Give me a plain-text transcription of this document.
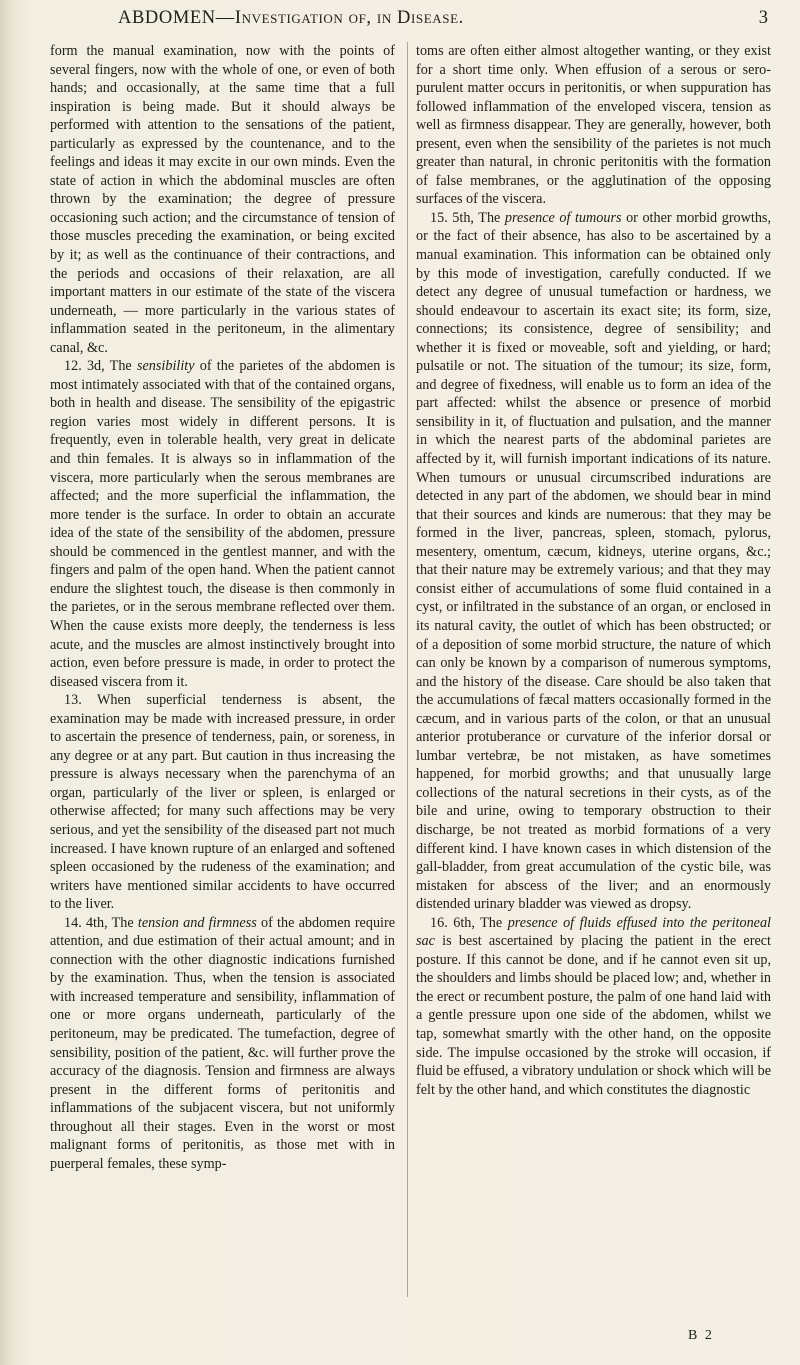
ABDOMEN—Investigation of, in Disease.	3

form the manual examination, now with the points of several fingers, now with the whole of one, or even of both hands; and occasionally, at the same time that a full inspiration is being made. But it should always be performed with attention to the sensations of the patient, particularly as expressed by the countenance, and to the feelings and ideas it may excite in our own minds. Even the state of action in which the abdominal muscles are often thrown by the examination; the degree of pressure occasioning such action; and the circumstance of tension of those muscles preceding the examination, or being excited by it; as well as the continuance of their contractions, and the periods and occasions of their relaxation, are all important matters in our estimate of the state of the viscera underneath, — more particularly in the various states of inflammation seated in the peritoneum, in the alimentary canal, &c.

12. 3d, The sensibility of the parietes of the abdomen is most intimately associated with that of the contained organs, both in health and disease. The sensibility of the epigastric region varies most widely in different persons. It is frequently, even in tolerable health, very great in delicate and thin females. It is always so in inflammation of the viscera, more particularly when the serous membranes are affected; and the more superficial the inflammation, the more tender is the surface. In order to obtain an accurate idea of the state of the sensibility of the abdomen, pressure should be commenced in the gentlest manner, and with the fingers and palm of the open hand. When the patient cannot endure the slightest touch, the disease is then commonly in the parietes, or in the serous membrane reflected over them. When the cause exists more deeply, the tenderness is less acute, and the muscles are almost instinctively brought into action, even before pressure is made, in order to protect the diseased viscera from it.

13. When superficial tenderness is absent, the examination may be made with increased pressure, in order to ascertain the presence of tenderness, pain, or soreness, in any degree or at any part. But caution in thus increasing the pressure is always necessary when the parenchyma of an organ, particularly of the liver or spleen, is enlarged or otherwise affected; for many such affections may be very serious, and yet the sensibility of the diseased part not much increased. I have known rupture of an enlarged and softened spleen occasioned by the rudeness of the examination; and writers have mentioned similar accidents to have occurred to the liver.

14. 4th, The tension and firmness of the abdomen require attention, and due estimation of their actual amount; and in connection with the other diagnostic indications furnished by the examination. Thus, when the tension is associated with increased temperature and sensibility, inflammation of one or more organs underneath, particularly of the peritoneum, may be predicated. The tumefaction, degree of sensibility, position of the patient, &c. will further prove the accuracy of the diagnosis. Tension and firmness are always present in the different forms of peritonitis and inflammations of the subjacent viscera, but not uniformly throughout all their stages. Even in the worst or most malignant forms of peritonitis, as those met with in puerperal females, these symp-

toms are often either almost altogether wanting, or they exist for a short time only. When effusion of a serous or sero-purulent matter occurs in peritonitis, or when suppuration has followed inflammation of the enveloped viscera, tension as well as firmness disappear. They are generally, however, both present, even when the sensibility of the parietes is not much greater than natural, in chronic peritonitis with the formation of false membranes, or the agglutination of the opposing surfaces of the viscera.

15. 5th, The presence of tumours or other morbid growths, or the fact of their absence, has also to be ascertained by a manual examination. This information can be obtained only by this mode of investigation, carefully conducted. If we detect any degree of unusual tumefaction or hardness, we should endeavour to ascertain its exact site; its form, size, connections; its consistence, degree of sensibility; and whether it is fixed or moveable, soft and yielding, or hard; pulsatile or not. The situation of the tumour; its size, form, and degree of fixedness, will enable us to form an idea of the part affected: whilst the absence or presence of morbid sensibility in it, of fluctuation and pulsation, and the manner in which the nearest parts of the abdominal parietes are affected by it, will furnish important indications of its nature. When tumours or unusual circumscribed indurations are detected in any part of the abdomen, we should bear in mind that their sources and kinds are numerous: that they may be formed in the liver, pancreas, spleen, stomach, pylorus, mesentery, omentum, cæcum, kidneys, uterine organs, &c.; that their nature may be extremely various; and that they may consist either of accumulations of some fluid contained in a cyst, or infiltrated in the substance of an organ, or enclosed in its natural cavity, the outlet of which has been obstructed; or of a deposition of some morbid structure, the nature of which can only be known by a comparison of numerous symptoms, and the history of the disease. Care should be also taken that the accumulations of fæcal matters occasionally formed in the cæcum, and in various parts of the colon, or that an unusual anterior protuberance or curvature of the inferior dorsal or lumbar vertebræ, be not mistaken, as have sometimes happened, for morbid growths; and that unusually large collections of the natural secretions in their cysts, as of the bile and urine, owing to temporary obstruction to their discharge, be not treated as morbid formations of a very different kind. I have known cases in which distension of the gall-bladder, from great accumulation of the cystic bile, was mistaken for abscess of the liver; and an enormously distended urinary bladder was viewed as dropsy.

16. 6th, The presence of fluids effused into the peritoneal sac is best ascertained by placing the patient in the erect posture. If this cannot be done, and if he cannot even sit up, the shoulders and limbs should be placed low; and, whether in the erect or recumbent posture, the palm of one hand laid with a gentle pressure upon one side of the abdomen, whilst we tap, somewhat smartly with the other hand, on the opposite side. The impulse occasioned by the stroke will occasion, if fluid be effused, a vibratory undulation or shock which will be felt by the other hand, and which constitutes the diagnostic

B 2
